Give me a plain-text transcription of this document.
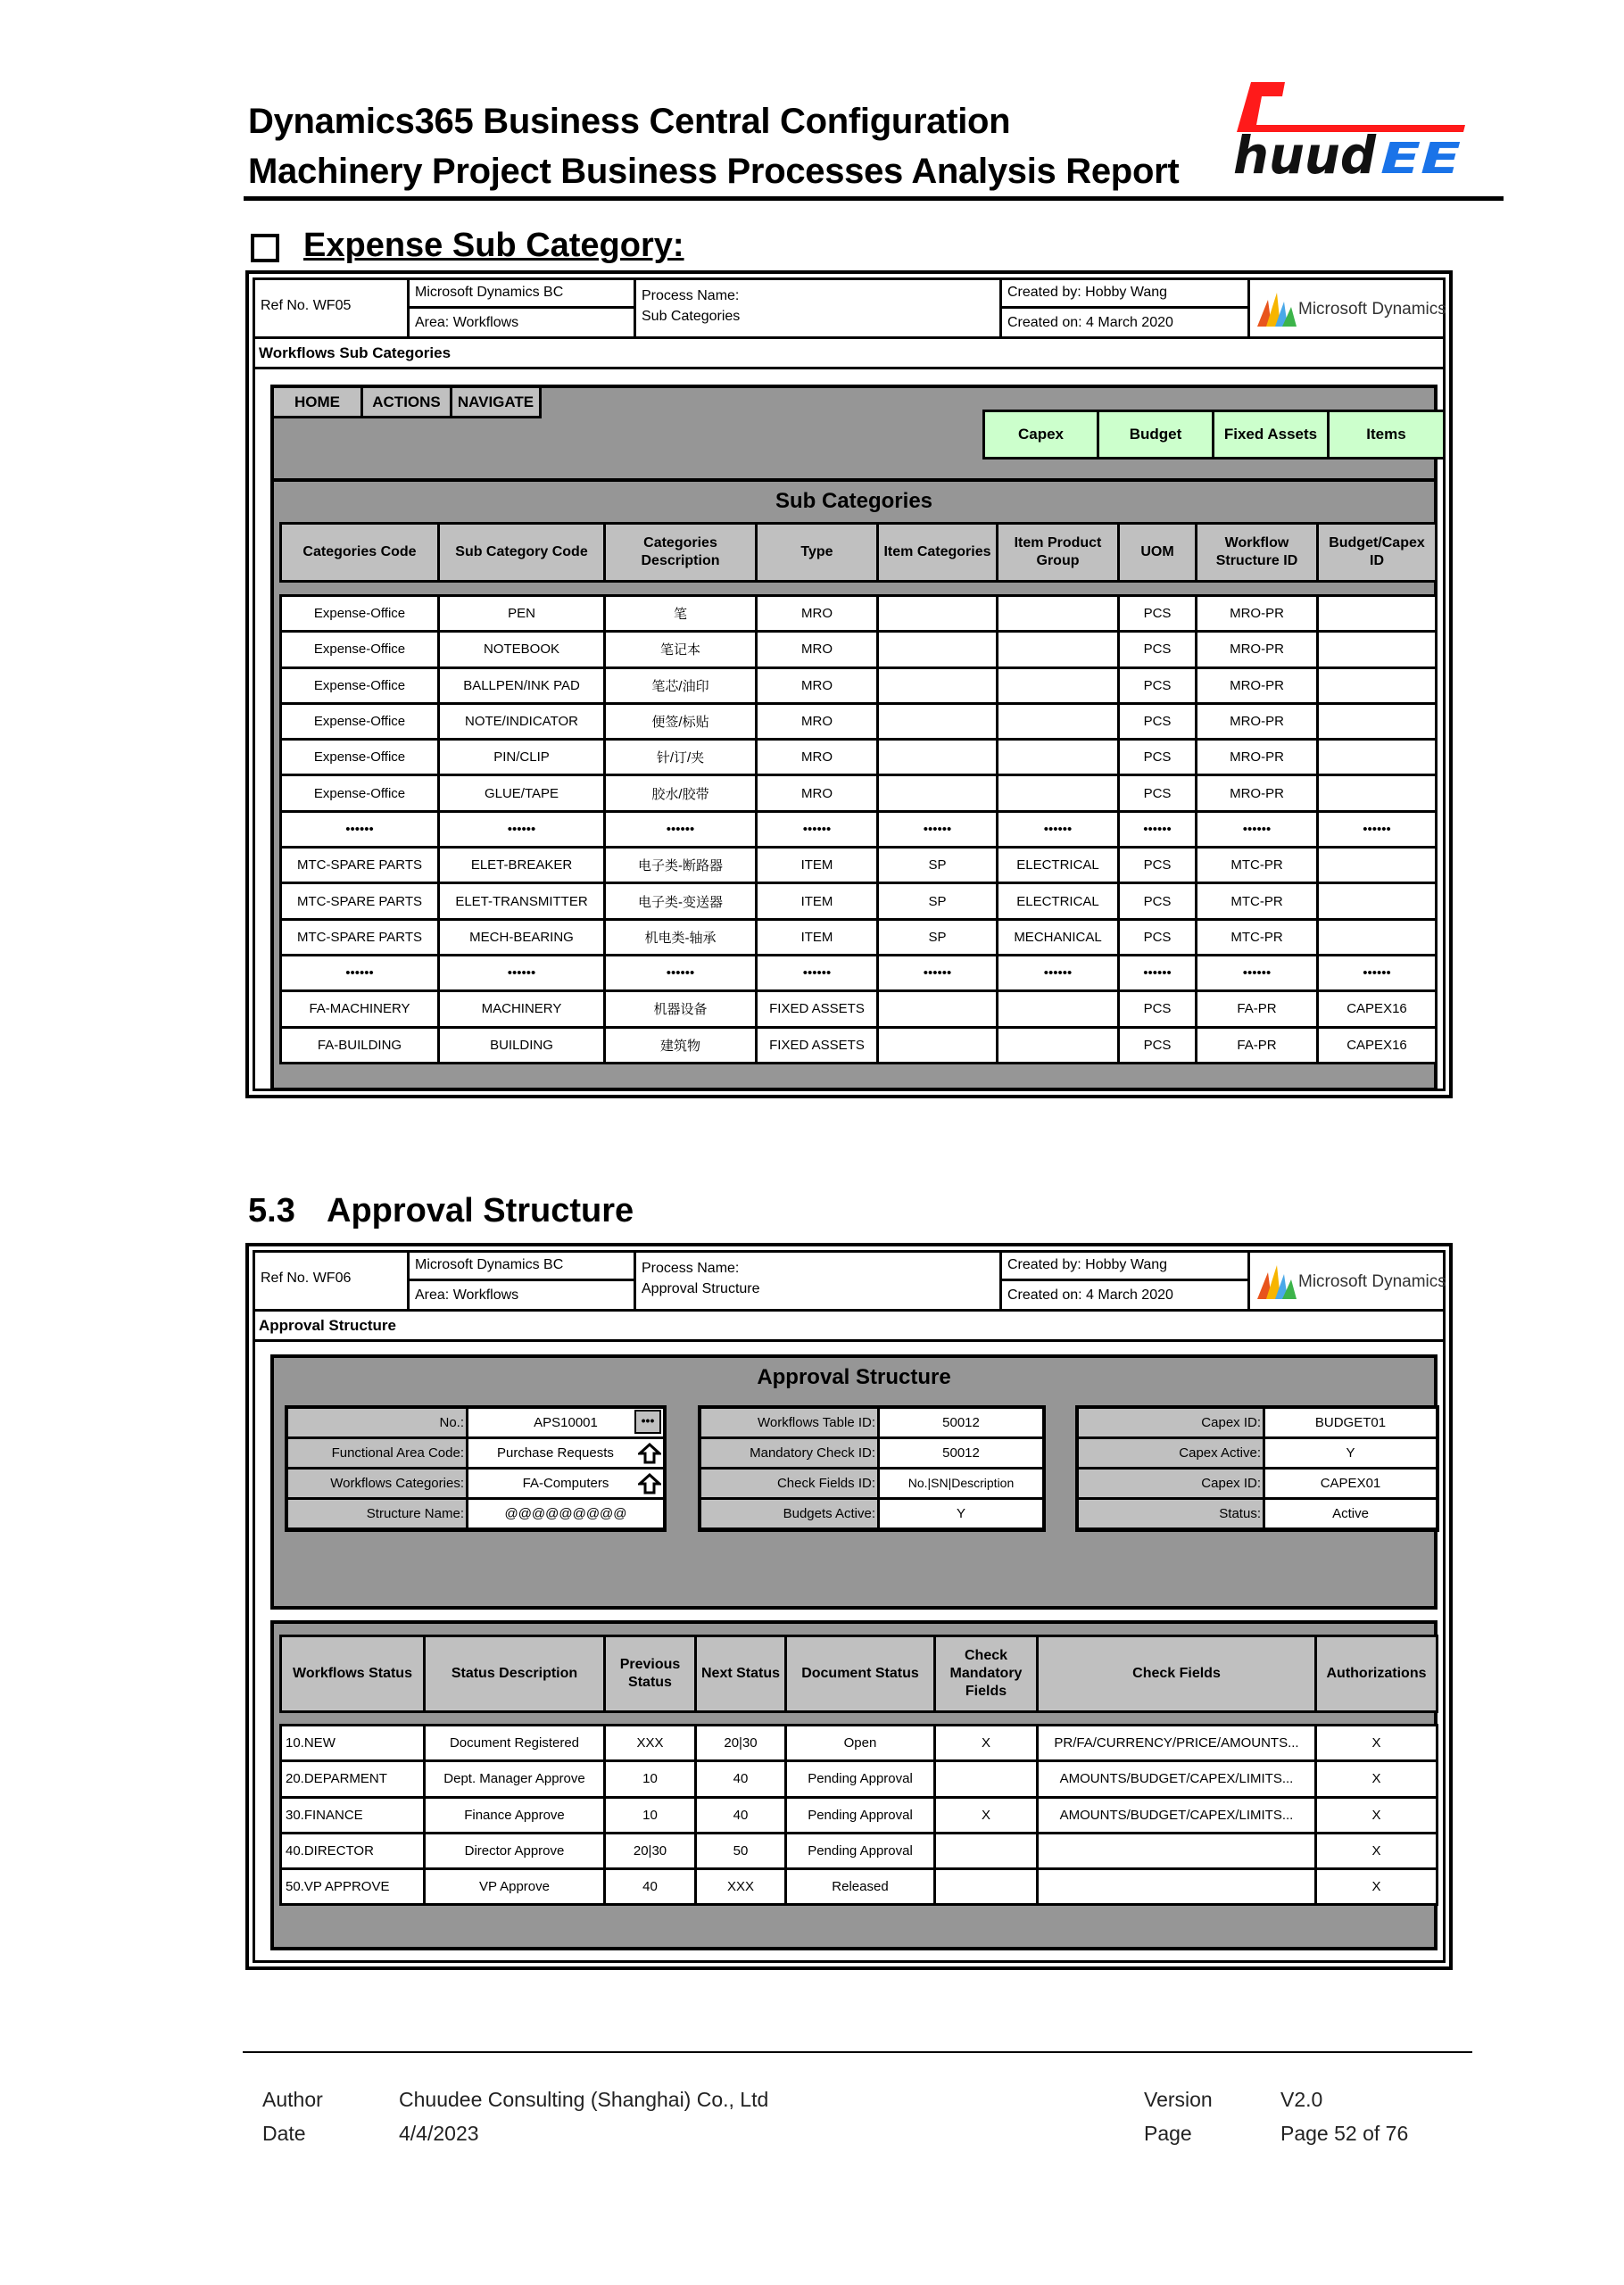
Dynamics365 Business Central Configuration
Machinery Project Business Processes Analysis Report huud EE
Expense Sub Category:
Ref No. WF05
Microsoft Dynamics BC
Area: Workflows
Process Name:
Sub Categories
Created by: Hobby Wang
Created on: 4 March 2020
Microsoft Dynamics
Workflows Sub Categories
HOME	ACTIONS	NAVIGATE
Capex	Budget	Fixed Assets	Items
Sub Categories
Categories Code	Sub Category Code	Categories Description	Type	Item Categories	Item Product Group	UOM	Workflow Structure ID	Budget/Capex ID
Expense-Office	PEN	笔	MRO			PCS	MRO-PR	
Expense-Office	NOTEBOOK	笔记本	MRO			PCS	MRO-PR	
Expense-Office	BALLPEN/INK PAD	笔芯/油印	MRO			PCS	MRO-PR	
Expense-Office	NOTE/INDICATOR	便签/标贴	MRO			PCS	MRO-PR	
Expense-Office	PIN/CLIP	针/订/夹	MRO			PCS	MRO-PR	
Expense-Office	GLUE/TAPE	胶水/胶带	MRO			PCS	MRO-PR	
••••••	••••••	••••••	••••••	••••••	••••••	••••••	••••••	••••••
MTC-SPARE PARTS	ELET-BREAKER	电子类-断路器	ITEM	SP	ELECTRICAL	PCS	MTC-PR	
MTC-SPARE PARTS	ELET-TRANSMITTER	电子类-变送器	ITEM	SP	ELECTRICAL	PCS	MTC-PR	
MTC-SPARE PARTS	MECH-BEARING	机电类-轴承	ITEM	SP	MECHANICAL	PCS	MTC-PR	
••••••	••••••	••••••	••••••	••••••	••••••	••••••	••••••	••••••
FA-MACHINERY	MACHINERY	机器设备	FIXED ASSETS			PCS	FA-PR	CAPEX16
FA-BUILDING	BUILDING	建筑物	FIXED ASSETS			PCS	FA-PR	CAPEX16
5.3 Approval Structure
Ref No. WF06
Microsoft Dynamics BC
Area: Workflows
Process Name:
Approval Structure
Created by: Hobby Wang
Created on: 4 March 2020
Microsoft Dynamics
Approval Structure
Approval Structure
No.:	APS10001	•••
Functional Area Code:	Purchase Requests
Workflows Categories:	FA-Computers
Structure Name:	@@@@@@@@@
Workflows Table ID:	50012
Mandatory Check ID:	50012
Check Fields ID:	No.|SN|Description
Budgets Active:	Y
Capex ID:	BUDGET01
Capex Active:	Y
Capex ID:	CAPEX01
Status:	Active
Workflows Status	Status Description	Previous Status	Next Status	Document Status	Check Mandatory Fields	Check Fields	Authorizations
10.NEW	Document Registered	XXX	20|30	Open	X	PR/FA/CURRENCY/PRICE/AMOUNTS...	X
20.DEPARMENT	Dept. Manager Approve	10	40	Pending Approval		AMOUNTS/BUDGET/CAPEX/LIMITS...	X
30.FINANCE	Finance Approve	10	40	Pending Approval	X	AMOUNTS/BUDGET/CAPEX/LIMITS...	X
40.DIRECTOR	Director Approve	20|30	50	Pending Approval			X
50.VP APPROVE	VP Approve	40	XXX	Released			X
Author	Chuudee Consulting (Shanghai) Co., Ltd
Date	4/4/2023
Version	V2.0
Page	Page 52 of 76
